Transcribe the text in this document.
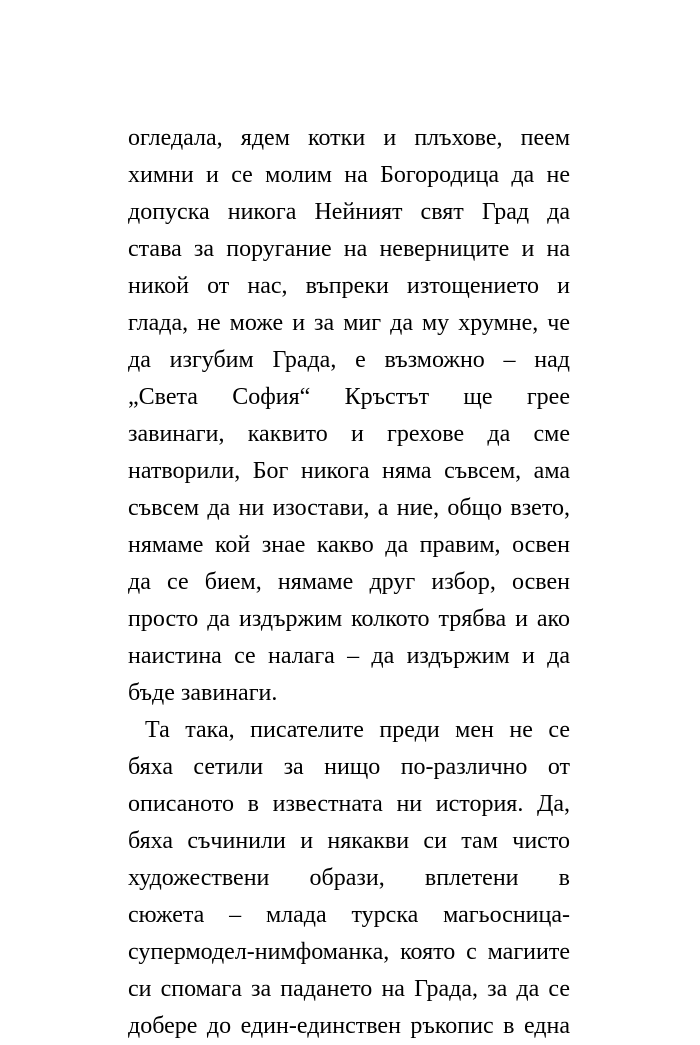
огледала, ядем котки и плъхове, пеем
химни и се молим на Богородица да не
допуска никога Нейният свят Град да
става за поругание на неверниците и на
никой от нас, въпреки изтощението и
глада, не може и за миг да му хрумне, че
да изгубим Града, е възможно – над
„Света София“ Кръстът ще грее
завинаги, каквито и грехове да сме
натворили, Бог никога няма съвсем, ама
съвсем да ни изостави, а ние, общо взето,
нямаме кой знае какво да правим, освен
да се бием, нямаме друг избор, освен
просто да издържим колкото трябва и ако
наистина се налага – да издържим и да
бъде завинаги.
Та така, писателите преди мен не се
бяха сетили за нищо по-различно от
описаното в известната ни история. Да,
бяха съчинили и някакви си там чисто
художествени образи, вплетени в
сюжета – млада турска магьосница-
супермодел-нимфоманка, която с магиите
си спомага за падането на Града, за да се
добере до един-единствен ръкопис в една
